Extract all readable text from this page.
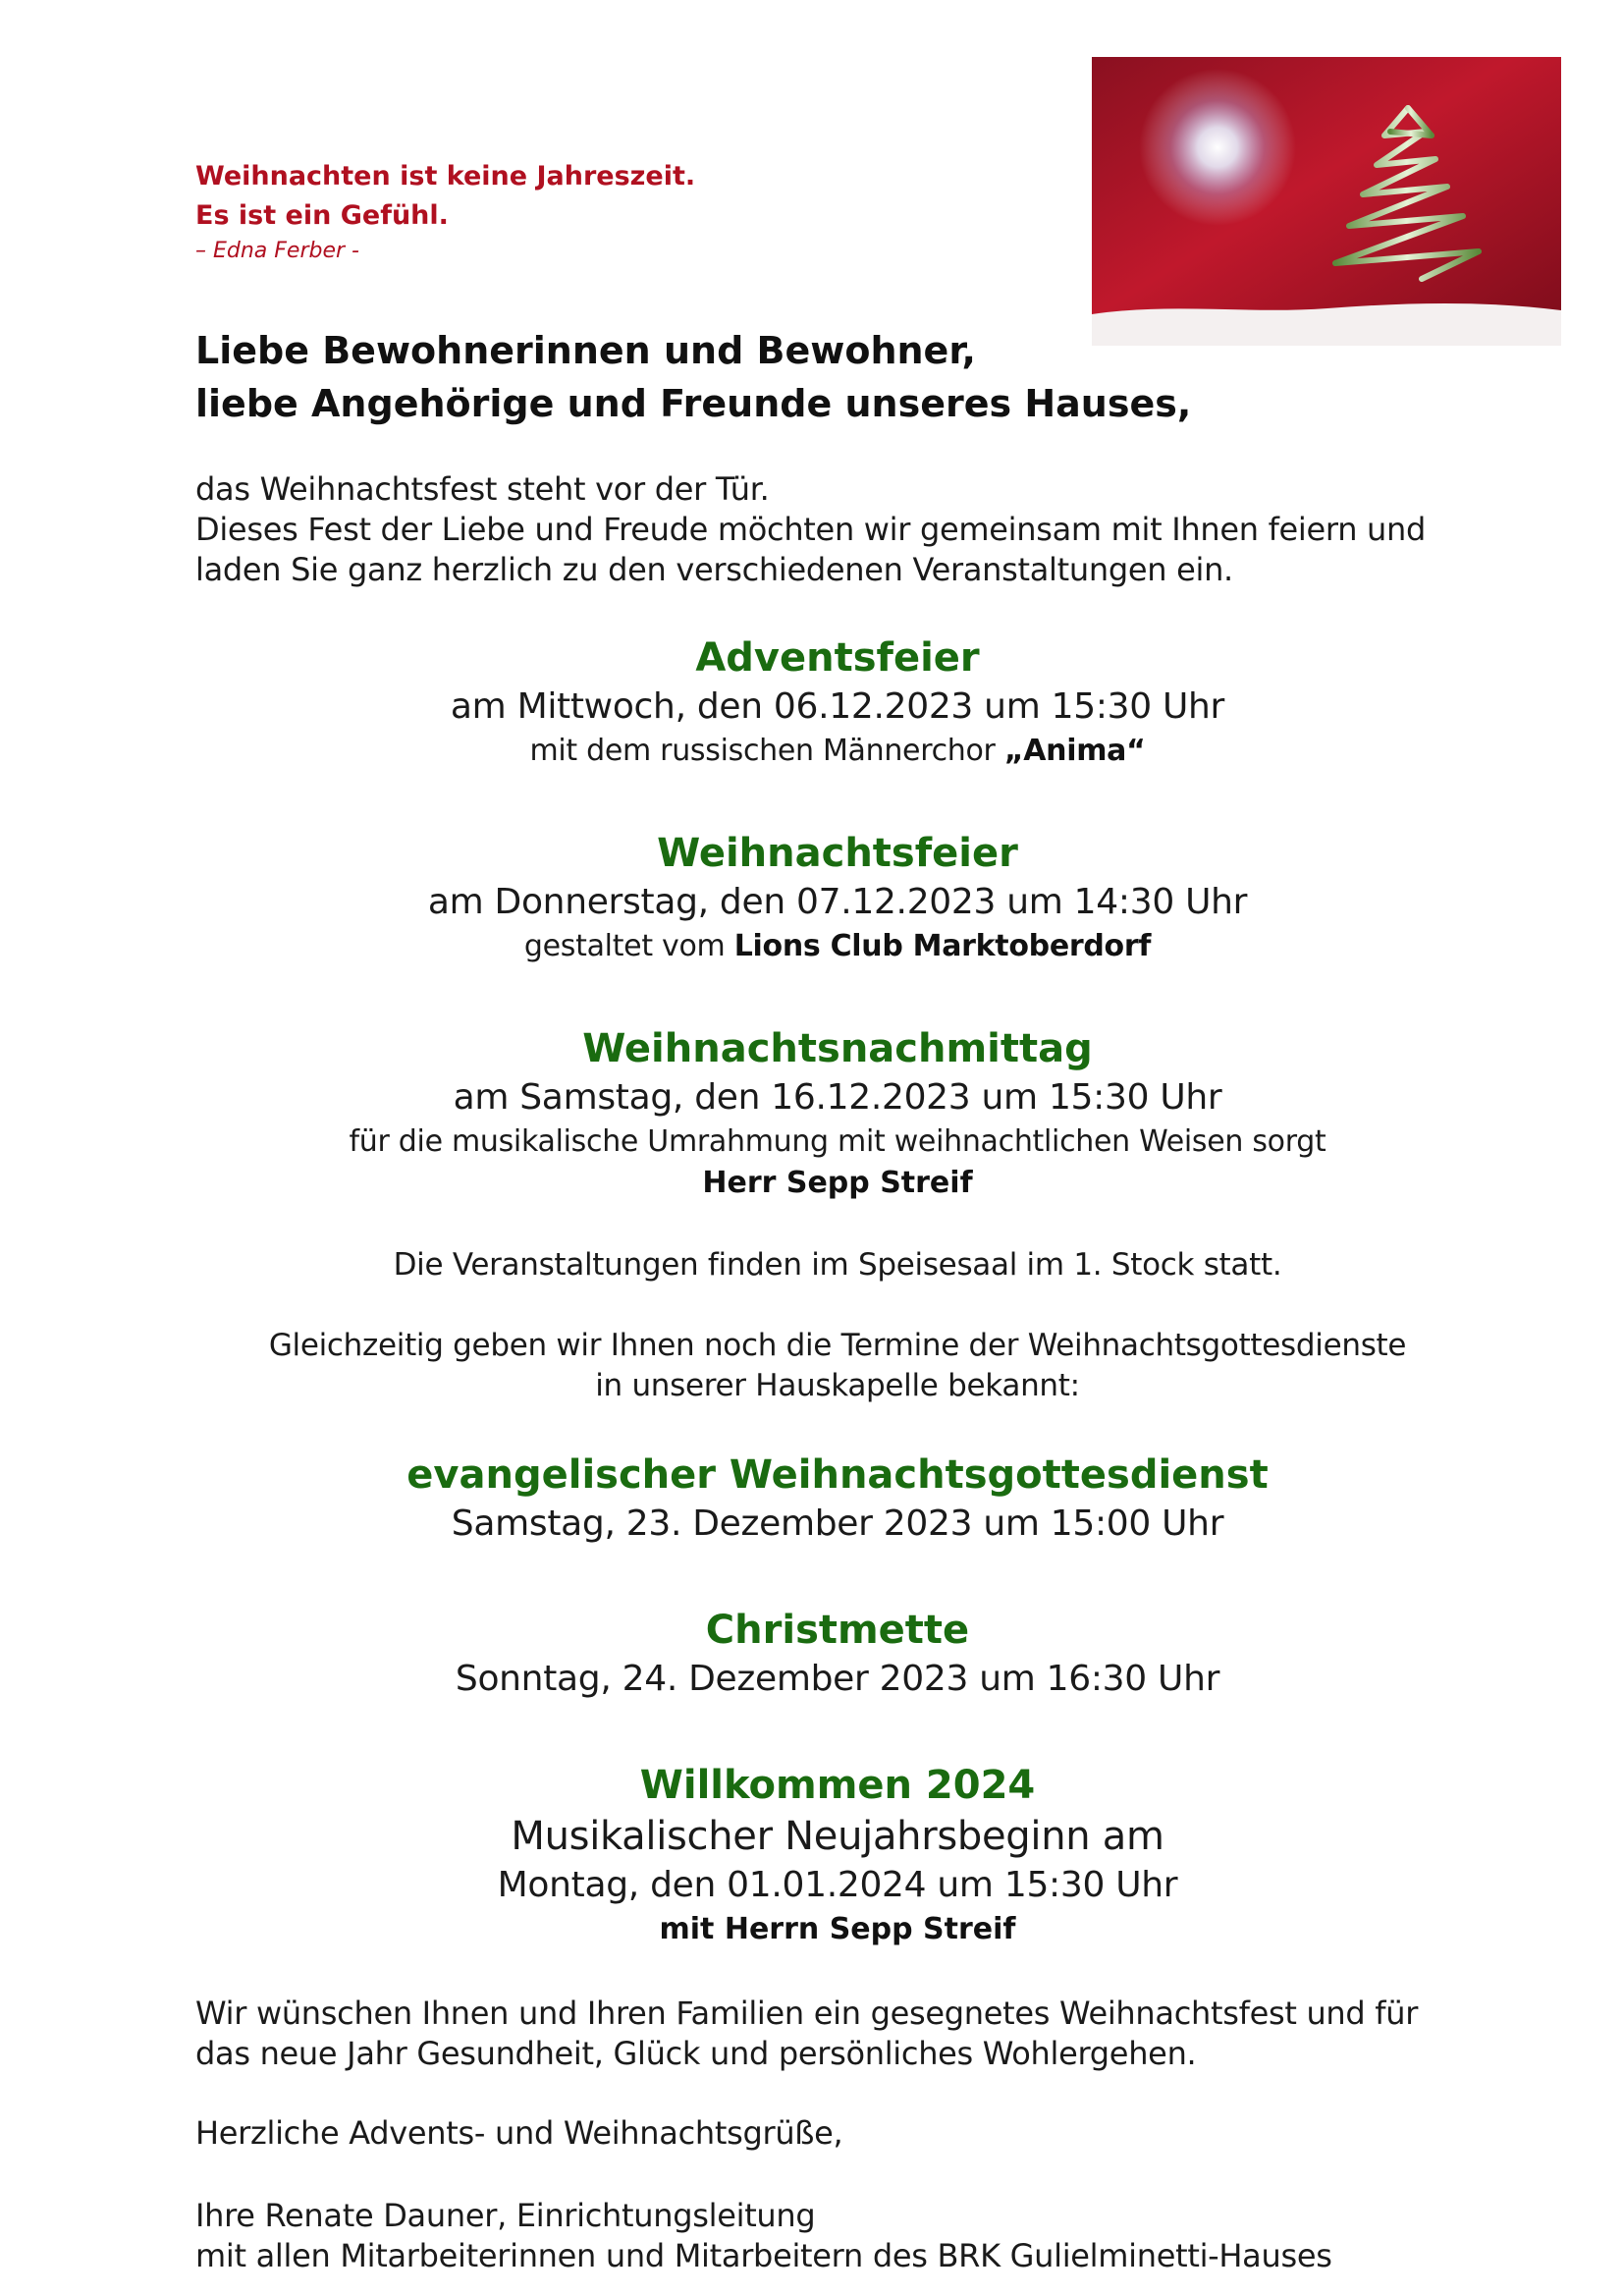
Weihnachten ist keine Jahreszeit.
Es ist ein Gefühl.
– Edna Ferber -
Liebe Bewohnerinnen und Bewohner,
liebe Angehörige und Freunde unseres Hauses,
das Weihnachtsfest steht vor der Tür.
Dieses Fest der Liebe und Freude möchten wir gemeinsam mit Ihnen feiern und
laden Sie ganz herzlich zu den verschiedenen Veranstaltungen ein.
Adventsfeier
am Mittwoch, den 06.12.2023 um 15:30 Uhr
mit dem russischen Männerchor „Anima“
Weihnachtsfeier
am Donnerstag, den 07.12.2023 um 14:30 Uhr
gestaltet vom Lions Club Marktoberdorf
Weihnachtsnachmittag
am Samstag, den 16.12.2023 um 15:30 Uhr
für die musikalische Umrahmung mit weihnachtlichen Weisen sorgt
Herr Sepp Streif
Die Veranstaltungen finden im Speisesaal im 1. Stock statt.
Gleichzeitig geben wir Ihnen noch die Termine der Weihnachtsgottesdienste
in unserer Hauskapelle bekannt:
evangelischer Weihnachtsgottesdienst
Samstag, 23. Dezember 2023 um 15:00 Uhr
Christmette
Sonntag, 24. Dezember 2023 um 16:30 Uhr
Willkommen 2024
Musikalischer Neujahrsbeginn am
Montag, den 01.01.2024 um 15:30 Uhr
mit Herrn Sepp Streif
Wir wünschen Ihnen und Ihren Familien ein gesegnetes Weihnachtsfest und für
das neue Jahr Gesundheit, Glück und persönliches Wohlergehen.
Herzliche Advents- und Weihnachtsgrüße,
Ihre Renate Dauner, Einrichtungsleitung
mit allen Mitarbeiterinnen und Mitarbeitern des BRK Gulielminetti-Hauses
